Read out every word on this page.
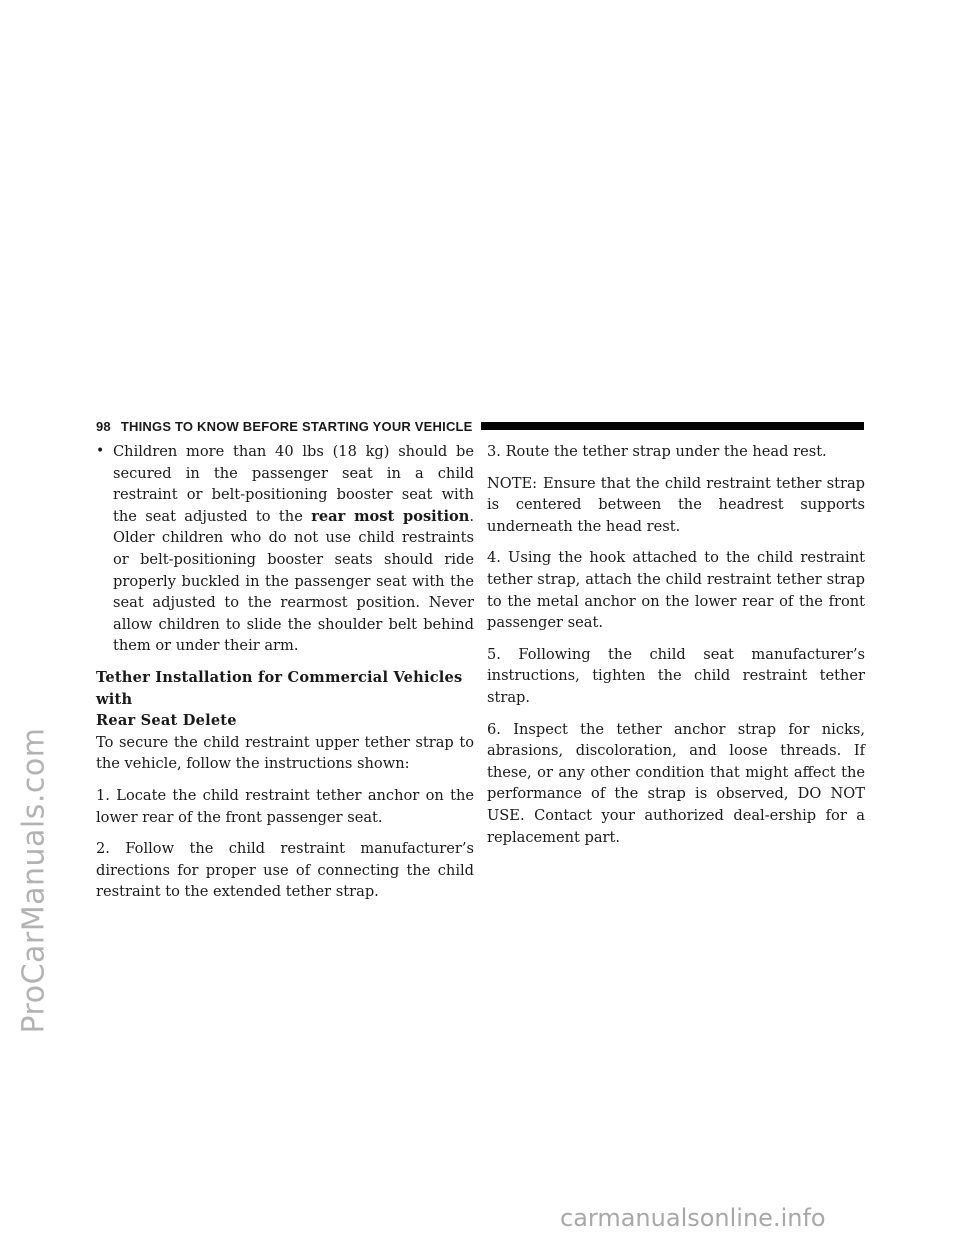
ProCarManuals.com
98 THINGS TO KNOW BEFORE STARTING YOUR VEHICLE
• Children more than 40 lbs (18 kg) should be secured in the passenger seat in a child restraint or belt-positioning booster seat with the seat adjusted to the rear most position. Older children who do not use child restraints or belt-positioning booster seats should ride properly buckled in the passenger seat with the seat adjusted to the rearmost position. Never allow children to slide the shoulder belt behind them or under their arm.
Tether Installation for Commercial Vehicles with
Rear Seat Delete

To secure the child restraint upper tether strap to the vehicle, follow the instructions shown:

1. Locate the child restraint tether anchor on the lower rear of the front passenger seat.

2. Follow the child restraint manufacturer’s directions for proper use of connecting the child restraint to the extended tether strap.

3. Route the tether strap under the head rest.

NOTE: Ensure that the child restraint tether strap is centered between the headrest supports underneath the head rest.

4. Using the hook attached to the child restraint tether strap, attach the child restraint tether strap to the metal anchor on the lower rear of the front passenger seat.

5. Following the child seat manufacturer’s instructions, tighten the child restraint tether strap.

6. Inspect the tether anchor strap for nicks, abrasions, discoloration, and loose threads. If these, or any other condition that might affect the performance of the strap is observed, DO NOT USE. Contact your authorized deal-ership for a replacement part.

carmanualsonline.info
